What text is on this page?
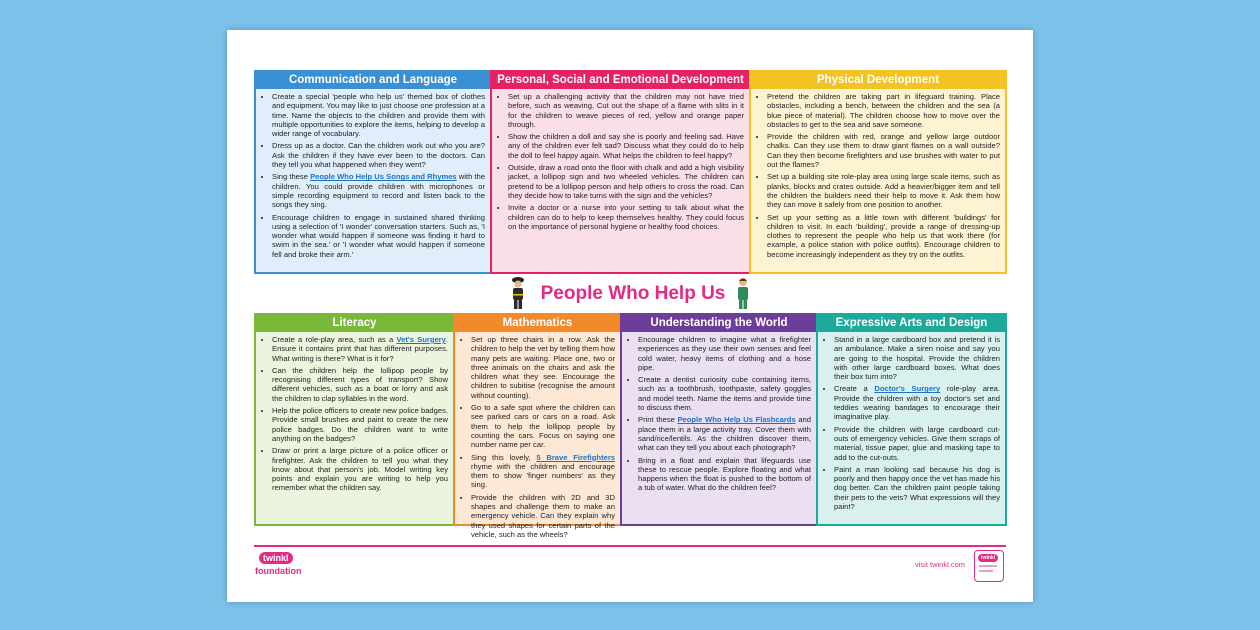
Communication and Language
• Create a special 'people who help us' themed box of clothes and equipment. You may like to just choose one profession at a time. Name the objects to the children and provide them with multiple opportunities to explore the items, helping to develop a wider range of vocabulary.
• Dress up as a doctor. Can the children work out who you are? Ask the children if they have ever been to the doctors. Can they tell you what happened when they went?
• Sing these People Who Help Us Songs and Rhymes with the children. You could provide children with microphones or simple recording equipment to record and listen back to the songs they sing.
• Encourage children to engage in sustained shared thinking using a selection of 'I wonder' conversation starters. Such as, 'I wonder what would happen if someone was finding it hard to swim in the sea.' or 'I wonder what would happen if someone fell and broke their arm.'
Personal, Social and Emotional Development
• Set up a challenging activity that the children may not have tried before, such as weaving. Cut out the shape of a flame with slits in it for the children to weave pieces of red, yellow and orange paper through.
• Show the children a doll and say she is poorly and feeling sad. Have any of the children ever felt sad? Discuss what they could do to help the doll to feel happy again. What helps the children to feel happy?
• Outside, draw a road onto the floor with chalk and add a high visibility jacket, a lollipop sign and two wheeled vehicles. The children can pretend to be a lollipop person and help others to cross the road. Can they decide how to take turns with the sign and the vehicles?
• Invite a doctor or a nurse into your setting to talk about what the children can do to help to keep themselves healthy. They could focus on the importance of personal hygiene or healthy food choices.
Physical Development
• Pretend the children are taking part in lifeguard training. Place obstacles, including a bench, between the children and the sea (a blue piece of material). The children choose how to move over the obstacles to get to the sea and save someone.
• Provide the children with red, orange and yellow large outdoor chalks. Can they use them to draw giant flames on a wall outside? Can they then become firefighters and use brushes with water to put out the flames?
• Set up a building site role-play area using large scale items, such as planks, blocks and crates outside. Add a heavier/bigger item and tell the children the builders need their help to move it. Ask them how they can move it safely from one position to another.
• Set up your setting as a little town with different 'buildings' for children to visit. In each 'building', provide a range of dressing-up clothes to represent the people who help us that work there (for example, a police station with police outfits). Encourage children to become increasingly independent as they try on the outfits.
People Who Help Us
Literacy
• Create a role-play area, such as a Vet's Surgery. Ensure it contains print that has different purposes. What writing is there? What is it for?
• Can the children help the lollipop people by recognising different types of transport? Show different vehicles, such as a boat or lorry and ask the children to clap syllables in the word.
• Help the police officers to create new police badges. Provide small brushes and paint to create the new police badges. Do the children want to write anything on the badges?
• Draw or print a large picture of a police officer or firefighter. Ask the children to tell you what they know about that person's job. Model writing key points and explain you are writing to help you remember what the children say.
Mathematics
• Set up three chairs in a row. Ask the children to help the vet by telling them how many pets are waiting. Place one, two or three animals on the chairs and ask the children what they see. Encourage the children to subitise (recognise the amount without counting).
• Go to a safe spot where the children can see parked cars or cars on a road. Ask them to help the lollipop people by counting the cars. Focus on saying one number name per car.
• Sing this lovely, 5 Brave Firefighters rhyme with the children and encourage them to show 'finger numbers' as they sing.
• Provide the children with 2D and 3D shapes and challenge them to make an emergency vehicle. Can they explain why they used shapes for certain parts of the vehicle, such as the wheels?
Understanding the World
• Encourage children to imagine what a firefighter experiences as they use their own senses and feel cold water, heavy items of clothing and a hose pipe.
• Create a dentist curiosity cube containing items, such as a toothbrush, toothpaste, safety goggles and model teeth. Name the items and provide time to discuss them.
• Print these People Who Help Us Flashcards and place them in a large activity tray. Cover them with sand/rice/lentils. As the children discover them, what can they tell you about each photograph?
• Bring in a float and explain that lifeguards use these to rescue people. Explore floating and what happens when the float is pushed to the bottom of a tub of water. What do the children feel?
Expressive Arts and Design
• Stand in a large cardboard box and pretend it is an ambulance. Make a siren noise and say you are going to the hospital. Provide the children with other large cardboard boxes. What does their box turn into?
• Create a Doctor's Surgery role-play area. Provide the children with a toy doctor's set and teddies wearing bandages to encourage their imaginative play.
• Provide the children with large cardboard cut-outs of emergency vehicles. Give them scraps of material, tissue paper, glue and masking tape to add to the cut-outs.
• Paint a man looking sad because his dog is poorly and then happy once the vet has made his dog better. Can the children paint people taking their pets to the vets? What expressions will they paint?
twinkl
foundation
visit twinkl.com
twinkl
